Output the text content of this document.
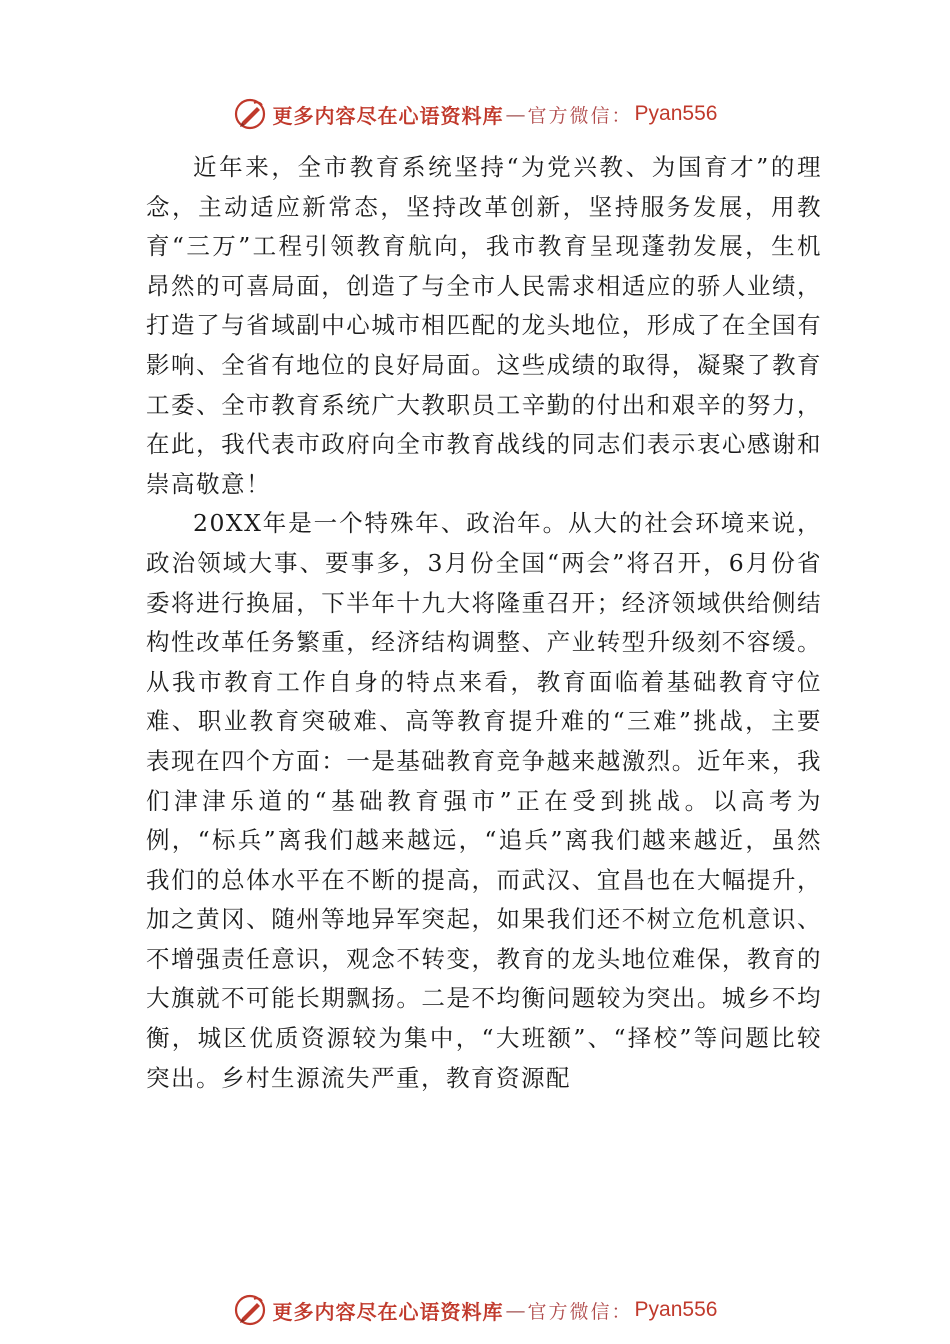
更多内容尽在心语资料库 — 官方微信： Pyan556

近年来，全市教育系统坚持“为党兴教、为国育才”的理念，主动适应新常态，坚持改革创新，坚持服务发展，用教育“三万”工程引领教育航向，我市教育呈现蓬勃发展，生机昂然的可喜局面，创造了与全市人民需求相适应的骄人业绩，打造了与省域副中心城市相匹配的龙头地位，形成了在全国有影响、全省有地位的良好局面。这些成绩的取得，凝聚了教育工委、全市教育系统广大教职员工辛勤的付出和艰辛的努力，在此，我代表市政府向全市教育战线的同志们表示衷心感谢和崇高敬意！

20XX年是一个特殊年、政治年。从大的社会环境来说，政治领域大事、要事多，3月份全国“两会”将召开，6月份省委将进行换届，下半年十九大将隆重召开；经济领域供给侧结构性改革任务繁重，经济结构调整、产业转型升级刻不容缓。从我市教育工作自身的特点来看，教育面临着基础教育守位难、职业教育突破难、高等教育提升难的“三难”挑战，主要表现在四个方面：一是基础教育竞争越来越激烈。近年来，我们津津乐道的“基础教育强市”正在受到挑战。以高考为例，“标兵”离我们越来越远，“追兵”离我们越来越近，虽然我们的总体水平在不断的提高，而武汉、宜昌也在大幅提升，加之黄冈、随州等地异军突起，如果我们还不树立危机意识、不增强责任意识，观念不转变，教育的龙头地位难保，教育的大旗就不可能长期飘扬。二是不均衡问题较为突出。城乡不均衡，城区优质资源较为集中，“大班额”、“择校”等问题比较突出。乡村生源流失严重，教育资源配

更多内容尽在心语资料库 — 官方微信： Pyan556
